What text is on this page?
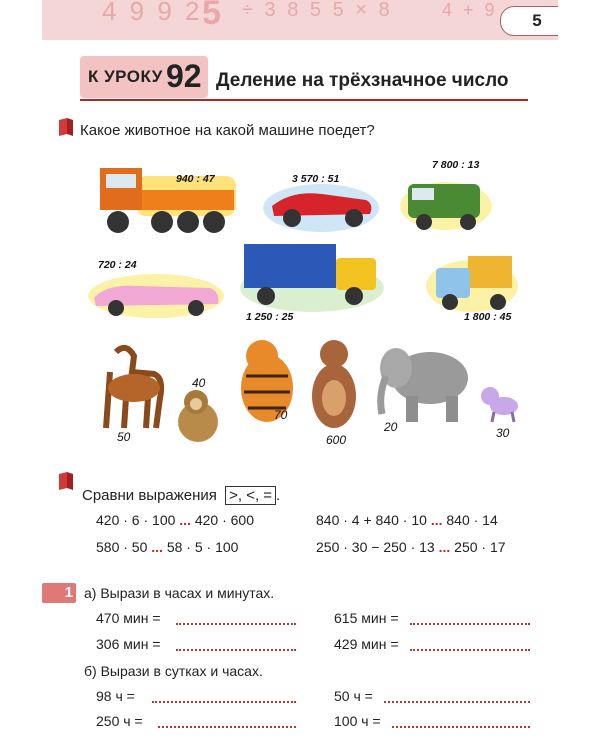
4 9 9 2 5 ÷ 3 8 5 5 × 8	4 + 9
5
К УРОКУ 92 Деление на трёхзначное число
Какое животное на какой машине поедет?
940 : 47	3 570 : 51
7 800 : 13
720 : 24
1 250 : 25	1 800 : 45
50
40
70
600
20	30
Сравни выражения >, <, = .
420 · 6 · 100 ... 420 · 600	840 · 4 + 840 · 10 ... 840 · 14
580 · 50 ... 58 · 5 · 100	250 · 30 − 250 · 13 ... 250 · 17
1 а) Вырази в часах и минутах.
470 мин =	615 мин =
306 мин =	429 мин =
б) Вырази в сутках и часах.
98 ч =	50 ч =
250 ч =	100 ч =
